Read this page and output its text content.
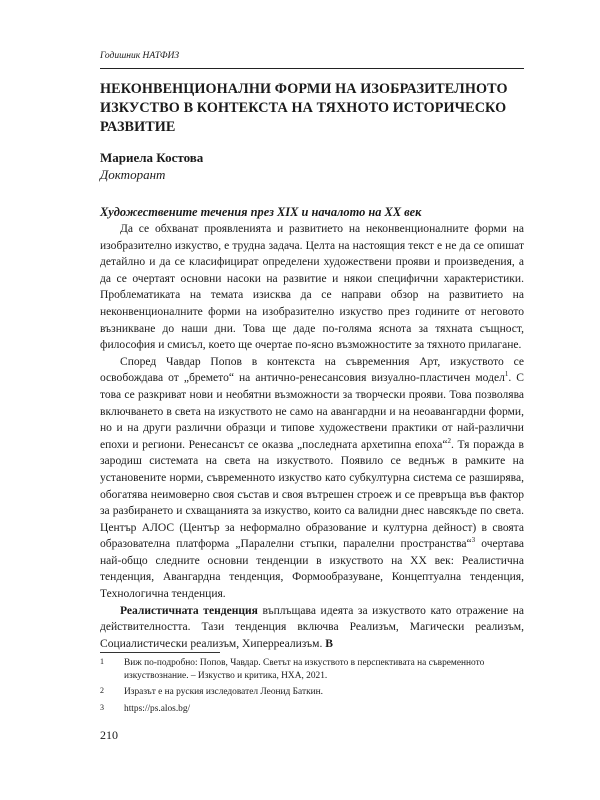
Годишник НАТФИЗ
НЕКОНВЕНЦИОНАЛНИ ФОРМИ НА ИЗОБРАЗИТЕЛНОТО ИЗКУСТВО В КОНТЕКСТА НА ТЯХНОТО ИСТОРИЧЕСКО РАЗВИТИЕ
Мариела Костова
Докторант
Художествените течения през XIX и началото на XX век

Да се обхванат проявленията и развитието на неконвенционалните форми на изобразително изкуство, е трудна задача. Целта на настоящия текст е не да се опишат детайлно и да се класифицират определени художествени прояви и произведения, а да се очертаят основни насоки на развитие и някои специфични характеристики. Проблематиката на темата изисква да се направи обзор на развитието на неконвенционалните форми на изобразително изкуство през годините от неговото възникване до наши дни. Това ще даде по-голяма яснота за тяхната същност, философия и смисъл, което ще очертае по-ясно възможностите за тяхното прилагане.

Според Чавдар Попов в контекста на съвременния Арт, изкуството се освобождава от „бремето“ на антично-ренесансовия визуално-пластичен модел$^1$. С това се разкриват нови и необятни възможности за творчески прояви. Това позволява включването в света на изкуството не само на авангардни и на неоавангардни форми, но и на други различни образци и типове художествени практики от най-различни епохи и региони. Ренесансът се оказва „последната архетипна епоха“$^2$. Тя поражда в зародиш системата на света на изкуството. Появило се веднъж в рамките на установените норми, съвременното изкуство като субкултурна система се разширява, обогатява неимоверно своя състав и своя вътрешен строеж и се превръща във фактор за разбирането и схващанията за изкуство, които са валидни днес навсякъде по света. Център АЛОС (Център за неформално образование и културна дейност) в своята образователна платформа „Паралелни стъпки, паралелни пространства“$^3$ очертава най-общо следните основни тенденции в изкуството на XX век: Реалистична тенденция, Авангардна тенденция, Формообразуване, Концептуална тенденция, Технологична тенденция.

Реалистичната тенденция въплъщава идеята за изкуството като отражение на действителността. Тази тенденция включва Реализъм, Магически реализъм, Социалистически реализъм, Хиперреализъм. В

1	Виж по-подробно: Попов, Чавдар. Светът на изкуството в перспективата на съвременното изкуствознание. – Изкуство и критика, НХА, 2021.
2	Изразът е на руския изследовател Леонид Баткин.
3	https://ps.alos.bg/
210
